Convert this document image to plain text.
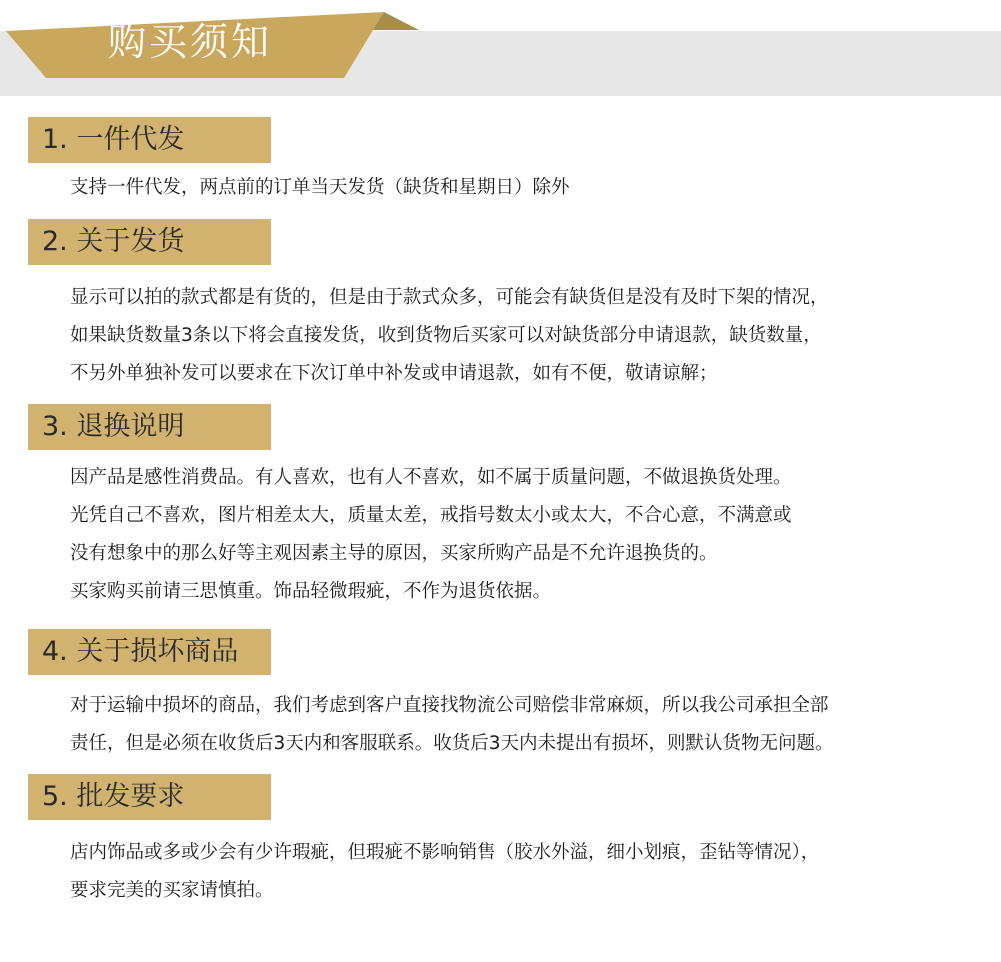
购买须知
1. 一件代发
支持一件代发，两点前的订单当天发货（缺货和星期日）除外
2. 关于发货
显示可以拍的款式都是有货的，但是由于款式众多，可能会有缺货但是没有及时下架的情况，
如果缺货数量3条以下将会直接发货，收到货物后买家可以对缺货部分申请退款，缺货数量，
不另外单独补发可以要求在下次订单中补发或申请退款，如有不便，敬请谅解；
3. 退换说明
因产品是感性消费品。有人喜欢，也有人不喜欢，如不属于质量问题，不做退换货处理。
光凭自己不喜欢，图片相差太大，质量太差，戒指号数太小或太大，不合心意，不满意或
没有想象中的那么好等主观因素主导的原因，买家所购产品是不允许退换货的。
买家购买前请三思慎重。饰品轻微瑕疵，不作为退货依据。
4. 关于损坏商品
对于运输中损坏的商品，我们考虑到客户直接找物流公司赔偿非常麻烦，所以我公司承担全部
责任，但是必须在收货后3天内和客服联系。收货后3天内未提出有损坏，则默认货物无问题。
5. 批发要求
店内饰品或多或少会有少许瑕疵，但瑕疵不影响销售（胶水外溢，细小划痕，歪钻等情况），
要求完美的买家请慎拍。
